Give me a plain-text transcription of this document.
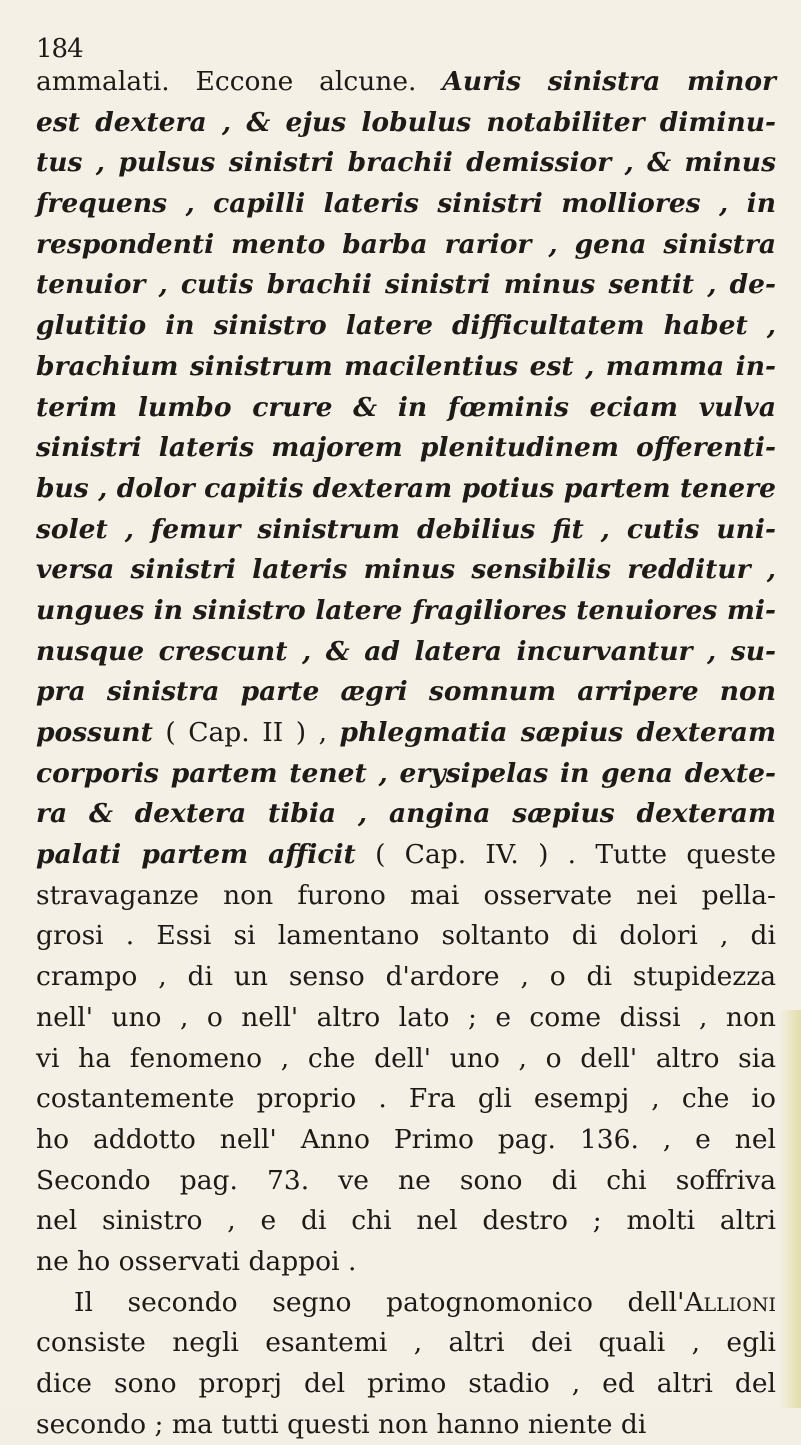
184
ammalati. Eccone alcune. Auris sinistra minor
est dextera , & ejus lobulus notabiliter diminu-
tus , pulsus sinistri brachii demissior , & minus
frequens , capilli lateris sinistri molliores , in
respondenti mento barba rarior , gena sinistra
tenuior , cutis brachii sinistri minus sentit , de-
glutitio in sinistro latere difficultatem habet ,
brachium sinistrum macilentius est , mamma in-
terim lumbo crure & in fœminis eciam vulva
sinistri lateris majorem plenitudinem offerenti-
bus , dolor capitis dexteram potius partem tenere
solet , femur sinistrum debilius fit , cutis uni-
versa sinistri lateris minus sensibilis redditur ,
ungues in sinistro latere fragiliores tenuiores mi-
nusque crescunt , & ad latera incurvantur , su-
pra sinistra parte ægri somnum arripere non
possunt ( Cap. II ) , phlegmatia sæpius dexteram
corporis partem tenet , erysipelas in gena dexte-
ra & dextera tibia , angina sæpius dexteram
palati partem afficit ( Cap. IV. ) . Tutte queste
stravaganze non furono mai osservate nei pella-
grosi . Essi si lamentano soltanto di dolori , di
crampo , di un senso d'ardore , o di stupidezza
nell' uno , o nell' altro lato ; e come dissi , non
vi ha fenomeno , che dell' uno , o dell' altro sia
costantemente proprio . Fra gli esempj , che io
ho addotto nell' Anno Primo pag. 136. , e nel
Secondo pag. 73. ve ne sono di chi soffriva
nel sinistro , e di chi nel destro ; molti altri
ne ho osservati dappoi .
Il secondo segno patognomonico dell'Allioni
consiste negli esantemi , altri dei quali , egli
dice sono proprj del primo stadio , ed altri del
secondo ; ma tutti questi non hanno niente di
